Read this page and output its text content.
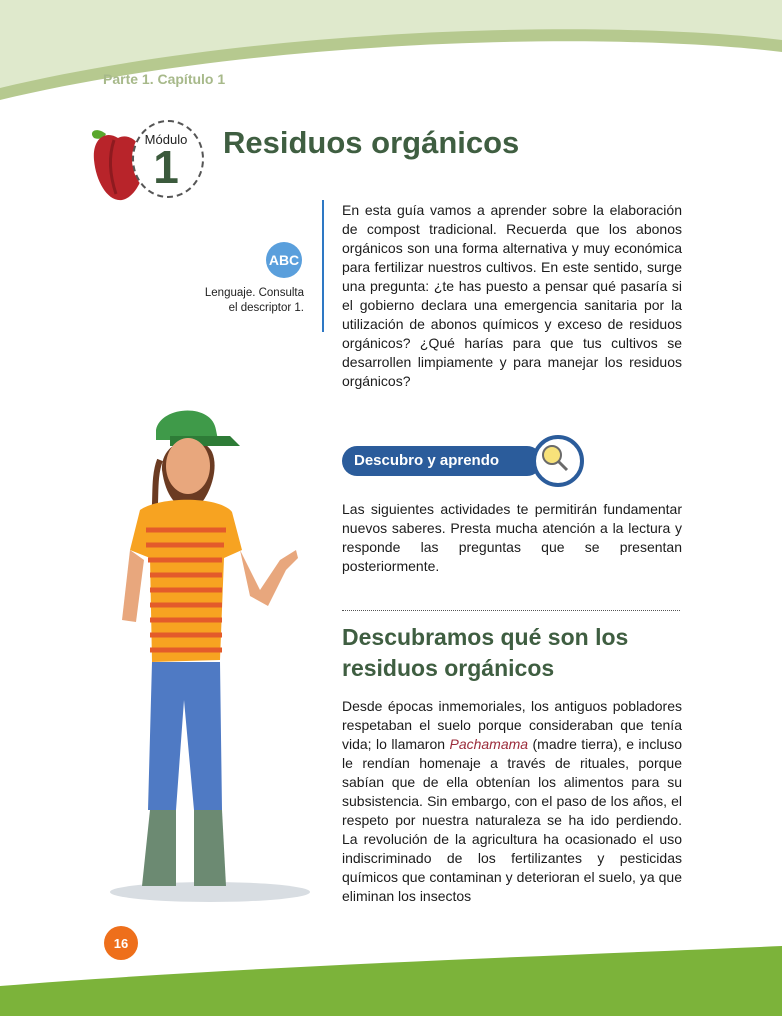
Parte 1. Capítulo 1
Módulo
1	Residuos orgánicos
ABC
Lenguaje. Consulta el descriptor 1.

En esta guía vamos a aprender sobre la elaboración de compost tradicional. Recuerda que los abonos orgánicos son una forma alternativa y muy económica para fertilizar nuestros cultivos. En este sentido, surge una pregunta: ¿te has puesto a pensar qué pasaría si el gobierno declara una emergencia sanitaria por la utilización de abonos químicos y exceso de residuos orgánicos? ¿Qué harías para que tus cultivos se desarrollen limpiamente y para manejar los residuos orgánicos?

Descubro y aprendo

Las siguientes actividades te permitirán fundamentar nuevos saberes. Presta mucha atención a la lectura y responde las preguntas que se presentan posteriormente.

Descubramos qué son los residuos orgánicos

Desde épocas inmemoriales, los antiguos pobladores respetaban el suelo porque consideraban que tenía vida; lo llamaron Pachamama (madre tierra), e incluso le rendían homenaje a través de rituales, porque sabían que de ella obtenían los alimentos para su subsistencia. Sin embargo, con el paso de los años, el respeto por nuestra naturaleza se ha ido perdiendo. La revolución de la agricultura ha ocasionado el uso indiscriminado de los fertilizantes y pesticidas químicos que contaminan y deterioran el suelo, ya que eliminan los insectos

16
